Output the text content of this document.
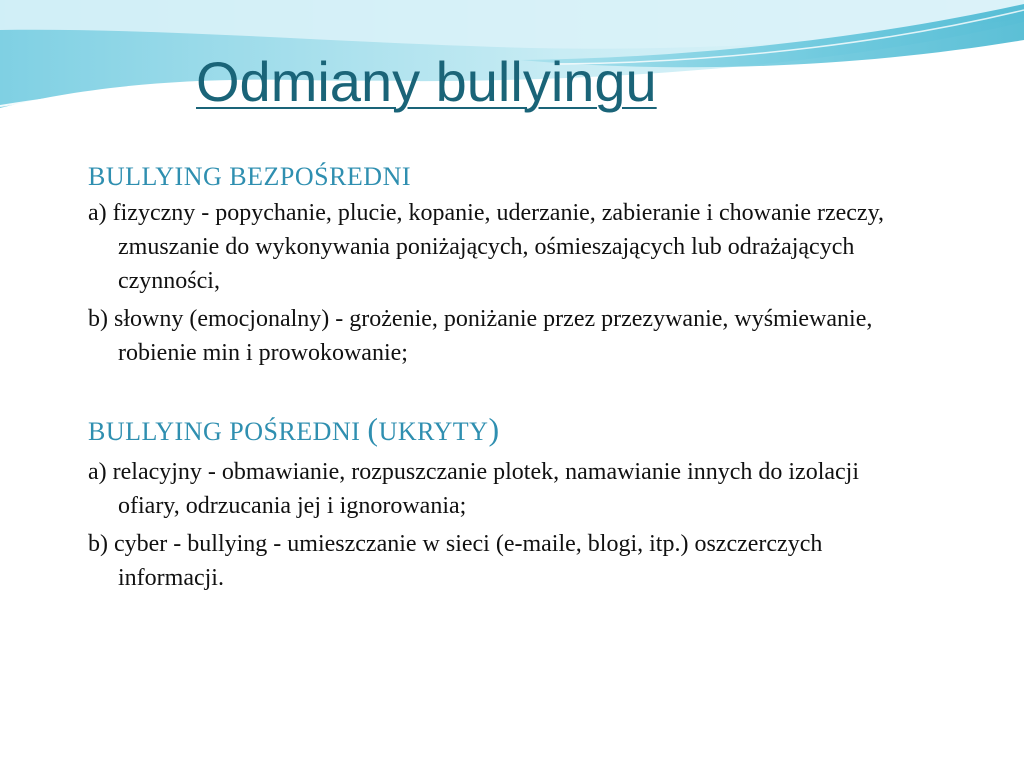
Odmiany bullyingu

BULLYING BEZPOŚREDNI

a) fizyczny - popychanie, plucie, kopanie, uderzanie, zabieranie i chowanie rzeczy, zmuszanie do wykonywania poniżających, ośmieszających lub odrażających czynności,

b) słowny (emocjonalny) - grożenie, poniżanie przez przezywanie, wyśmiewanie, robienie min i prowokowanie;

BULLYING POŚREDNI (UKRYTY)

a) relacyjny - obmawianie, rozpuszczanie plotek, namawianie innych do izolacji ofiary, odrzucania jej i ignorowania;

b) cyber - bullying - umieszczanie w sieci (e-maile, blogi, itp.) oszczerczych informacji.
